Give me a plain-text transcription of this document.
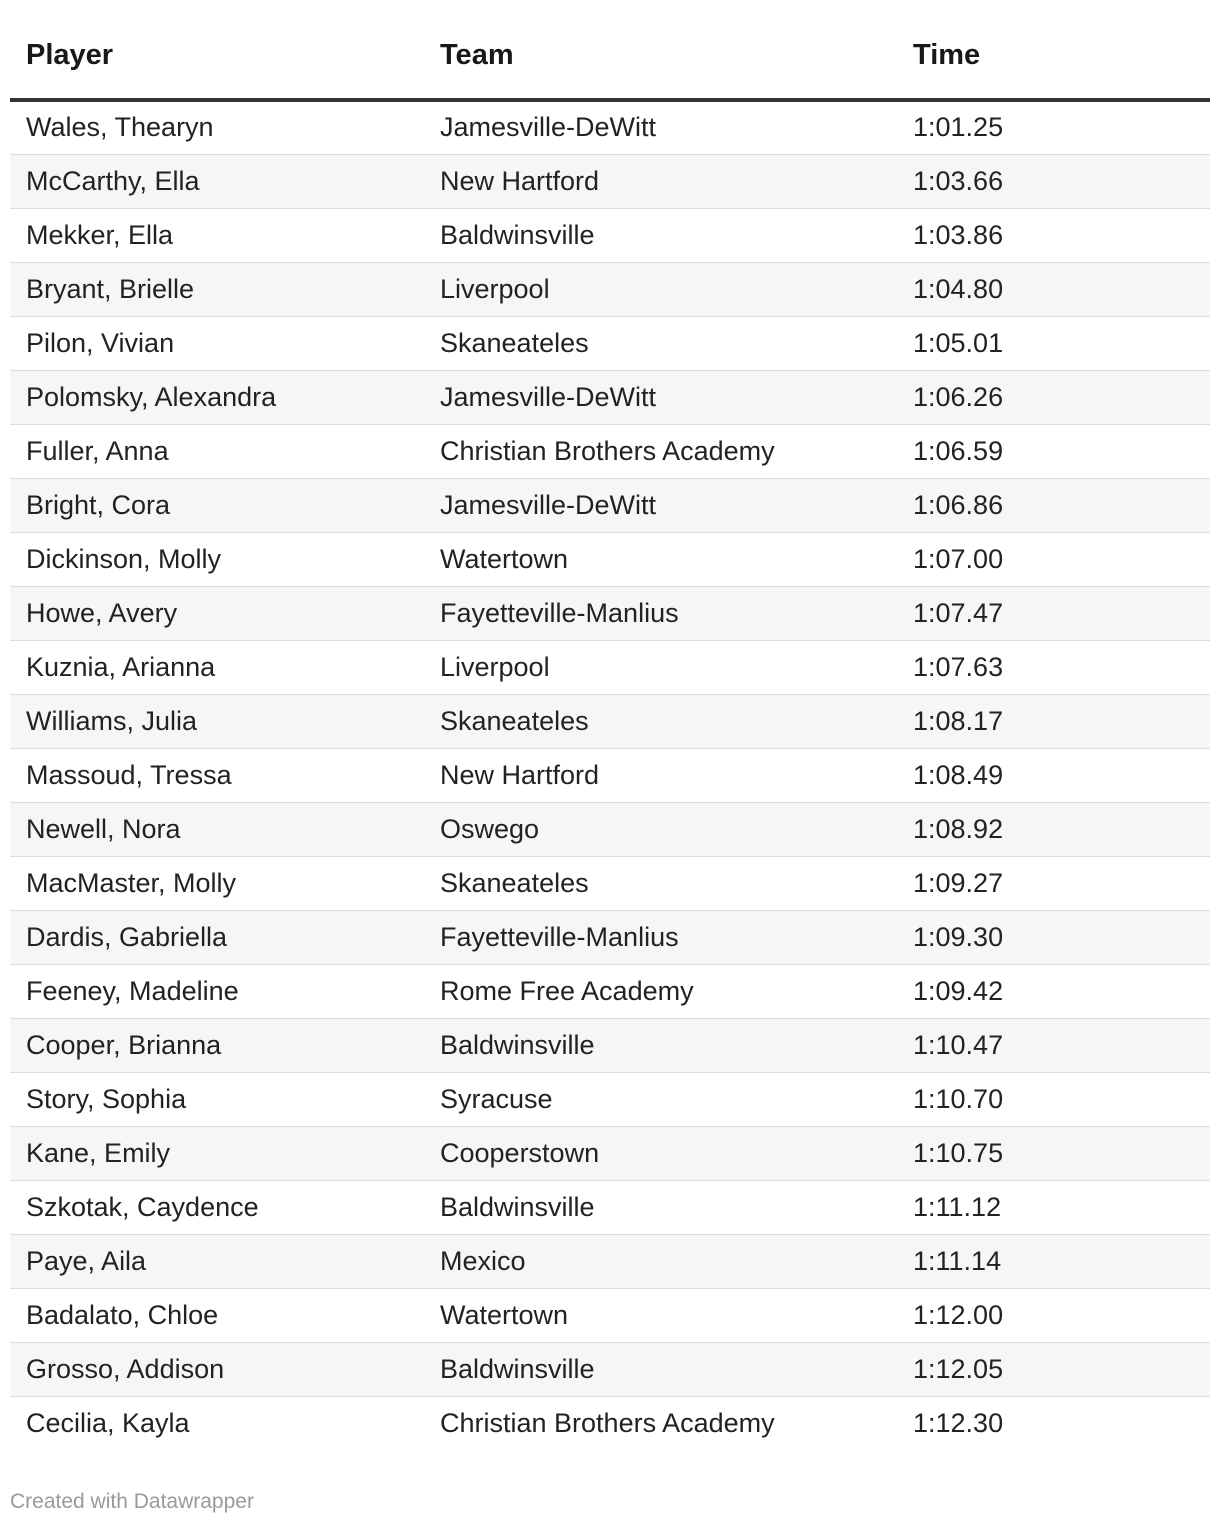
Player	Team	Time
Wales, Thearyn	Jamesville-DeWitt	1:01.25
McCarthy, Ella	New Hartford	1:03.66
Mekker, Ella	Baldwinsville	1:03.86
Bryant, Brielle	Liverpool	1:04.80
Pilon, Vivian	Skaneateles	1:05.01
Polomsky, Alexandra	Jamesville-DeWitt	1:06.26
Fuller, Anna	Christian Brothers Academy	1:06.59
Bright, Cora	Jamesville-DeWitt	1:06.86
Dickinson, Molly	Watertown	1:07.00
Howe, Avery	Fayetteville-Manlius	1:07.47
Kuznia, Arianna	Liverpool	1:07.63
Williams, Julia	Skaneateles	1:08.17
Massoud, Tressa	New Hartford	1:08.49
Newell, Nora	Oswego	1:08.92
MacMaster, Molly	Skaneateles	1:09.27
Dardis, Gabriella	Fayetteville-Manlius	1:09.30
Feeney, Madeline	Rome Free Academy	1:09.42
Cooper, Brianna	Baldwinsville	1:10.47
Story, Sophia	Syracuse	1:10.70
Kane, Emily	Cooperstown	1:10.75
Szkotak, Caydence	Baldwinsville	1:11.12
Paye, Aila	Mexico	1:11.14
Badalato, Chloe	Watertown	1:12.00
Grosso, Addison	Baldwinsville	1:12.05
Cecilia, Kayla	Christian Brothers Academy	1:12.30
Created with Datawrapper
